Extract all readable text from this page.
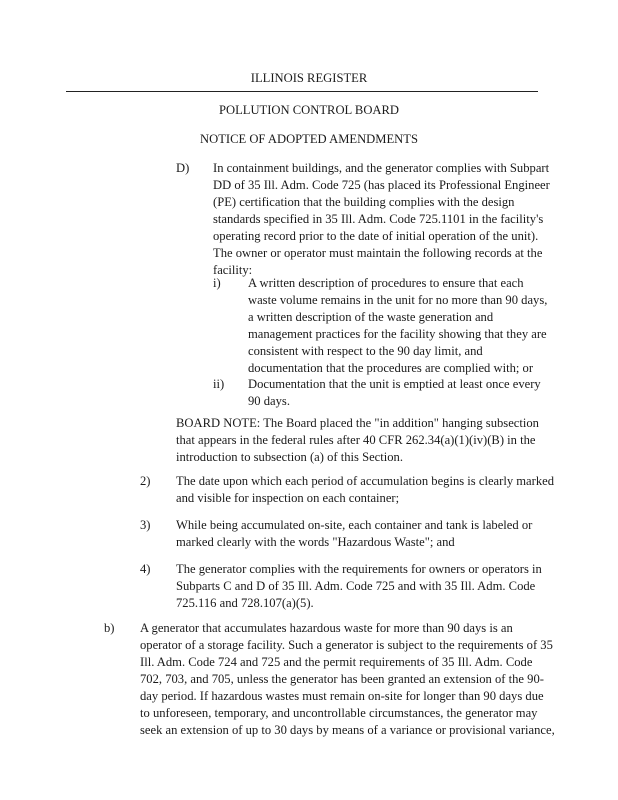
ILLINOIS REGISTER
POLLUTION CONTROL BOARD
NOTICE OF ADOPTED AMENDMENTS
D) In containment buildings, and the generator complies with Subpart
DD of 35 Ill. Adm. Code 725 (has placed its Professional Engineer
(PE) certification that the building complies with the design
standards specified in 35 Ill. Adm. Code 725.1101 in the facility's
operating record prior to the date of initial operation of the unit).
The owner or operator must maintain the following records at the
facility:
i) A written description of procedures to ensure that each
waste volume remains in the unit for no more than 90 days,
a written description of the waste generation and
management practices for the facility showing that they are
consistent with respect to the 90 day limit, and
documentation that the procedures are complied with; or
ii) Documentation that the unit is emptied at least once every
90 days.
BOARD NOTE: The Board placed the "in addition" hanging subsection
that appears in the federal rules after 40 CFR 262.34(a)(1)(iv)(B) in the
introduction to subsection (a) of this Section.
2) The date upon which each period of accumulation begins is clearly marked
and visible for inspection on each container;
3) While being accumulated on-site, each container and tank is labeled or
marked clearly with the words "Hazardous Waste"; and
4) The generator complies with the requirements for owners or operators in
Subparts C and D of 35 Ill. Adm. Code 725 and with 35 Ill. Adm. Code
725.116 and 728.107(a)(5).
b) A generator that accumulates hazardous waste for more than 90 days is an
operator of a storage facility. Such a generator is subject to the requirements of 35
Ill. Adm. Code 724 and 725 and the permit requirements of 35 Ill. Adm. Code
702, 703, and 705, unless the generator has been granted an extension of the 90-
day period. If hazardous wastes must remain on-site for longer than 90 days due
to unforeseen, temporary, and uncontrollable circumstances, the generator may
seek an extension of up to 30 days by means of a variance or provisional variance,
